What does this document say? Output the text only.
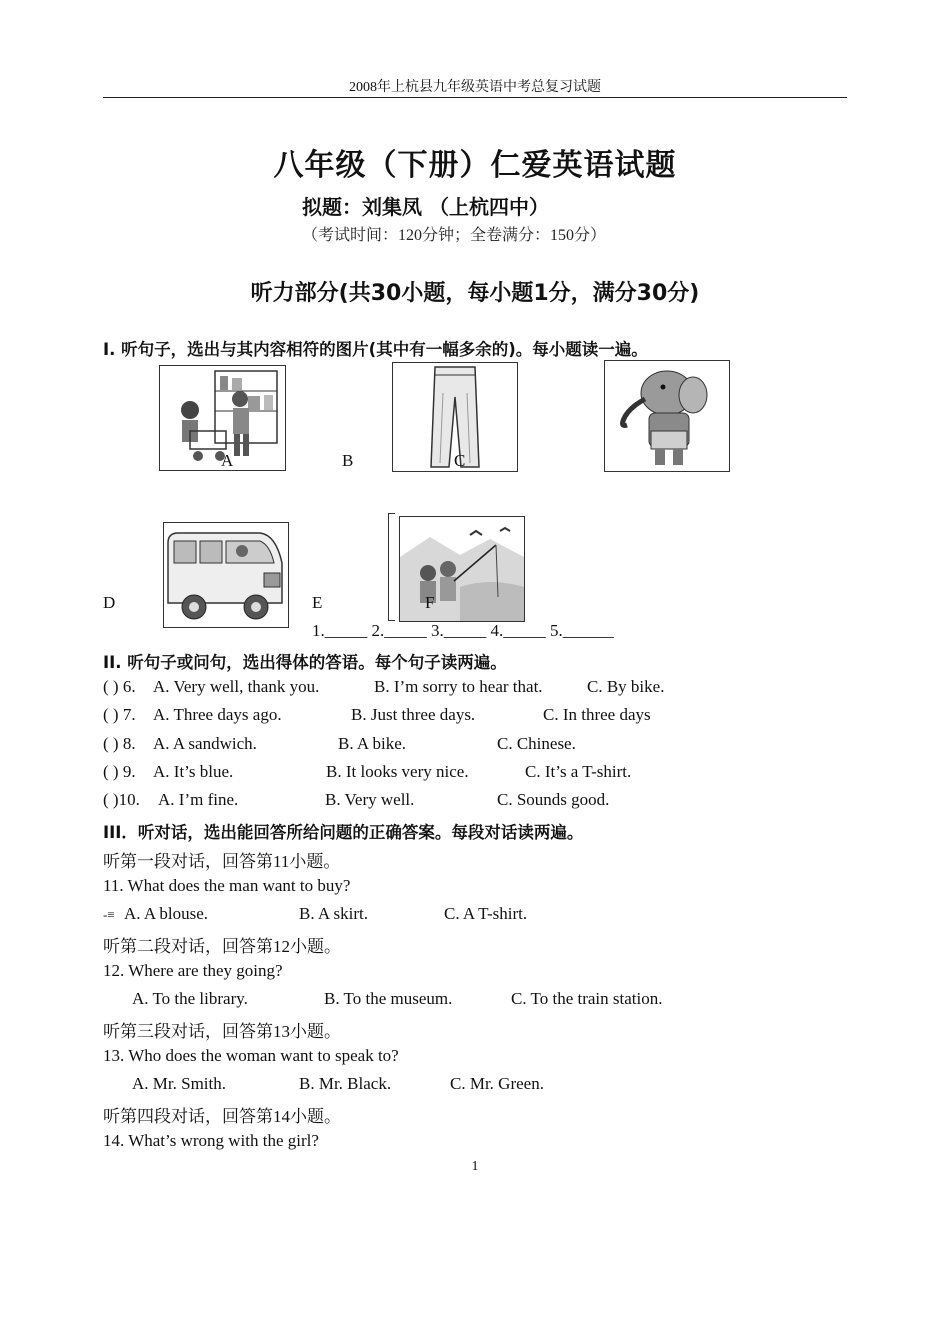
2008年上杭县九年级英语中考总复习试题
八年级（下册）仁爱英语试题
拟题：刘集凤 （上杭四中）
（考试时间：120分钟；全卷满分：150分）
听力部分(共30小题，每小题1分，满分30分)
I. 听句子，选出与其内容相符的图片(其中有一幅多余的)。每小题读一遍。
A	B	C
D	E	F
1._____ 2._____ 3._____ 4._____ 5.______
II. 听句子或问句，选出得体的答语。每个句子读两遍。
( ) 6. A. Very well, thank you.	B. I’m sorry to hear that.	C. By bike.
( ) 7. A. Three days ago.	B. Just three days.	C. In three days
( ) 8. A. A sandwich.	B. A bike.	C. Chinese.
( ) 9. A. It’s blue.	B. It looks very nice.	C. It’s a T-shirt.
( )10. A. I’m fine.	B. Very well.	C. Sounds good.
III．听对话，选出能回答所给问题的正确答案。每段对话读两遍。
听第一段对话，回答第11小题。
11. What does the man want to buy?
-≡ A. A blouse.	B. A skirt.	C. A T-shirt.
听第二段对话，回答第12小题。
12. Where are they going?
A. To the library.	B. To the museum.	C. To the train station.
听第三段对话，回答第13小题。
13. Who does the woman want to speak to?
A. Mr. Smith.	B. Mr. Black.	C. Mr. Green.
听第四段对话，回答第14小题。
14. What’s wrong with the girl?
1
